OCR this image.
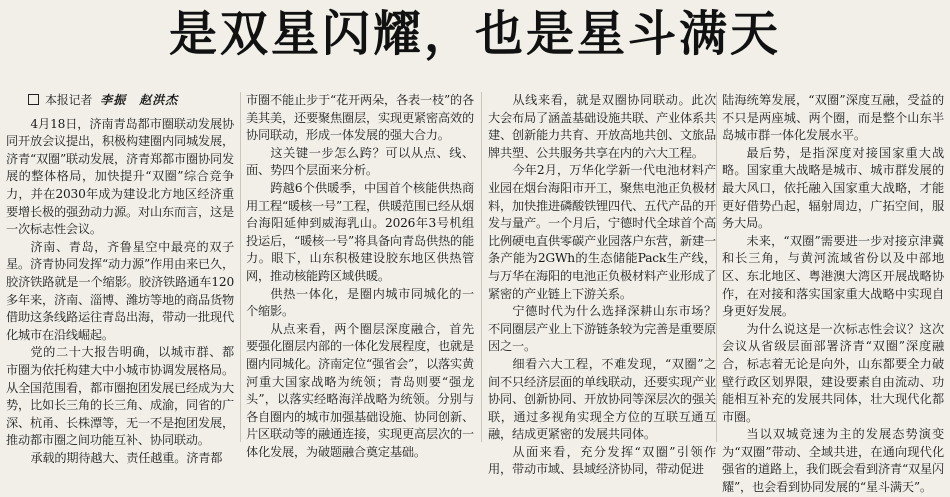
是双星闪耀，也是星斗满天
本报记者 李振　赵洪杰

4月18日，济南青岛都市圈联动发展协同开放会议提出，积极构建圈内同城发展，济青“双圈”联动发展，济青郑都市圈协同发展的整体格局，加快提升“双圈”综合竞争力，并在2030年成为建设北方地区经济重要增长极的强劲动力源。对山东而言，这是一次标志性会议。

济南、青岛，齐鲁星空中最亮的双子星。济青协同发挥“动力源”作用由来已久，胶济铁路就是一个缩影。胶济铁路通车120多年来，济南、淄博、潍坊等地的商品货物借助这条线路运往青岛出海，带动一批现代化城市在沿线崛起。

党的二十大报告明确，以城市群、都市圈为依托构建大中小城市协调发展格局。从全国范围看，都市圈抱团发展已经成为大势，比如长三角的长三角、成渝，同省的广深、杭甬、长株潭等，无一不是抱团发展，推动都市圈之间功能互补、协同联动。

承载的期待越大、责任越重。济青都

市圈不能止步于“花开两朵，各表一枝”的各美其美，还要聚焦圈层，实现更紧密高效的协同联动，形成一体发展的强大合力。

这关键一步怎么跨？可以从点、线、面、势四个层面来分析。

跨越6个供暖季，中国首个核能供热商用工程“暖核一号”工程，供暖范围已经从烟台海阳延伸到威海乳山。2026年3号机组投运后，“暖核一号”将具备向青岛供热的能力。眼下，山东积极建设胶东地区供热管网，推动核能跨区域供暖。

供热一体化，是圈内城市同城化的一个缩影。

从点来看，两个圈层深度融合，首先要强化圈层内部的一体化发展程度，也就是圈内同城化。济南定位“强省会”，以落实黄河重大国家战略为统领；青岛则要“强龙头”，以落实经略海洋战略为统领。分别与各自圈内的城市加强基础设施、协同创新、片区联动等的融通连接，实现更高层次的一体化发展，为破题融合奠定基础。

从线来看，就是双圈协同联动。此次大会布局了涵盖基础设施共联、产业体系共建、创新能力共育、开放高地共创、文旅品牌共塑、公共服务共享在内的六大工程。

今年2月，万华化学新一代电池材料产业园在烟台海阳市开工，聚焦电池正负极材料，加快推进磷酸铁锂四代、五代产品的开发与量产。一个月后，宁德时代全球首个高比例硬电直供零碳产业园落户东营，新建一条产能为2GWh的生态储能Pack生产线，与万华在海阳的电池正负极材料产业形成了紧密的产业链上下游关系。

宁德时代为什么选择深耕山东市场？不同圈层产业上下游链条较为完善是重要原因之一。

细看六大工程，不难发现，“双圈”之间不只经济层面的单线联动，还要实现产业协同、创新协同、开放协同等深层次的强关联，通过多视角实现全方位的互联互通互融，结成更紧密的发展共同体。

从面来看，充分发挥“双圈”引领作用，带动市域、县域经济协同，带动促进

陆海统筹发展，“双圈”深度互融，受益的不只是两座城、两个圈，而是整个山东半岛城市群一体化发展水平。

最后势，是指深度对接国家重大战略。国家重大战略是城市、城市群发展的最大风口，依托融入国家重大战略，才能更好借势凸起，辐射周边，广拓空间，服务大局。

未来，“双圈”需要进一步对接京津冀和长三角，与黄河流域省份以及中部地区、东北地区、粤港澳大湾区开展战略协作，在对接和落实国家重大战略中实现自身更好发展。

为什么说这是一次标志性会议？这次会议从省级层面部署济青“双圈”深度融合，标志着无论是向外，山东都要全力破壁行政区划界限，建设要素自由流动、功能相互补充的发展共同体，壮大现代化都市圈。

当以双城竞速为主的发展态势演变为“双圈”带动、全域共进，在通向现代化强省的道路上，我们既会看到济青“双星闪耀”，也会看到协同发展的“星斗满天”。
